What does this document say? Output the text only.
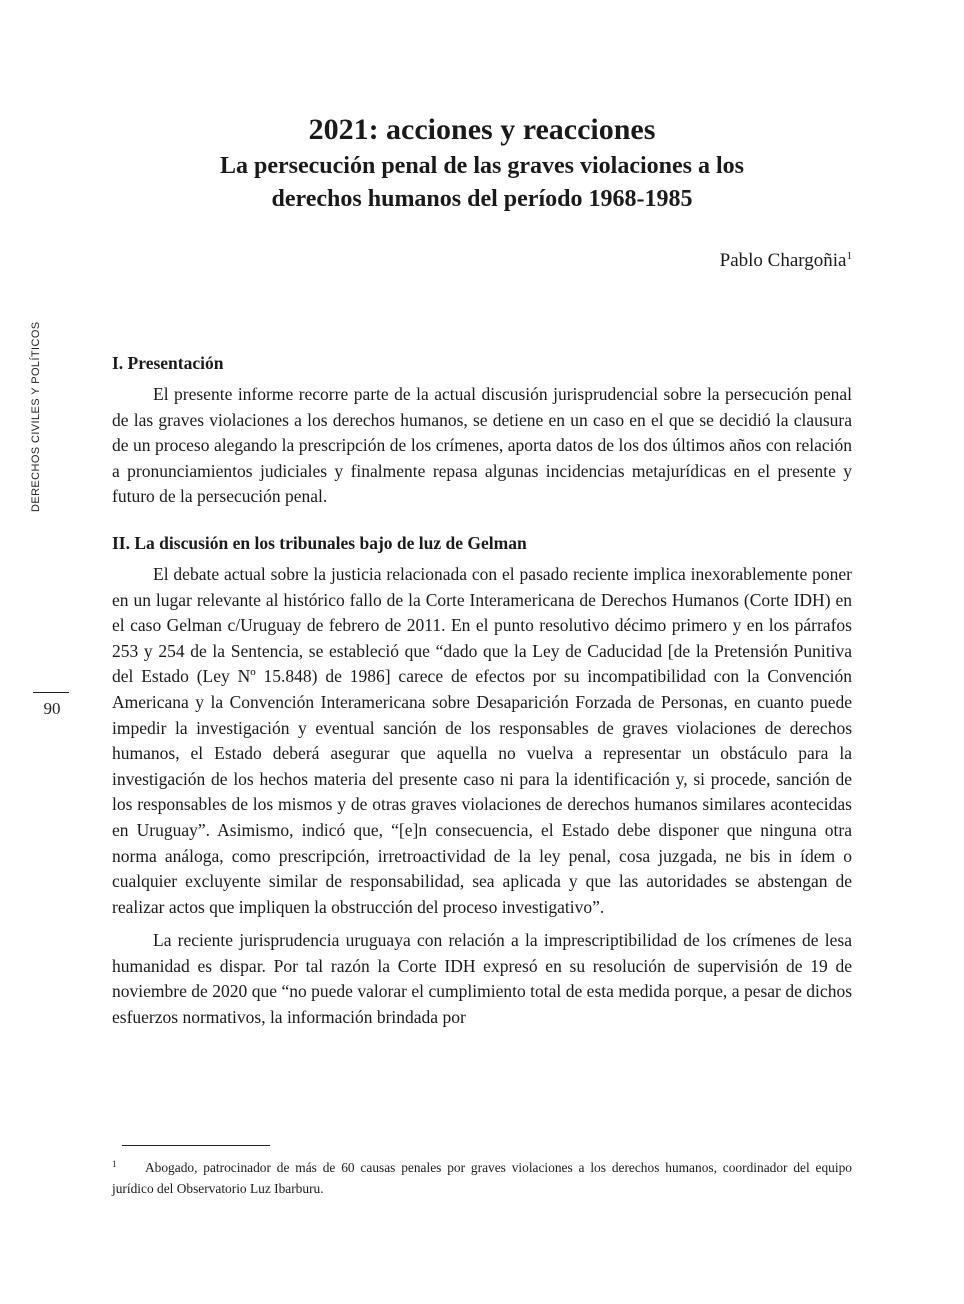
DERECHOS CIVILES Y POLÍTICOS
90
2021: acciones y reacciones
La persecución penal de las graves violaciones a los
derechos humanos del período 1968-1985
Pablo Chargoñia$^1$
I. Presentación

El presente informe recorre parte de la actual discusión jurisprudencial sobre la persecución penal de las graves violaciones a los derechos humanos, se detiene en un caso en el que se decidió la clausura de un proceso alegando la prescripción de los crímenes, aporta datos de los dos últimos años con relación a pronunciamientos judiciales y finalmente repasa algunas incidencias metajurídicas en el presente y futuro de la persecución penal.

II. La discusión en los tribunales bajo de luz de Gelman

El debate actual sobre la justicia relacionada con el pasado reciente implica inexorablemente poner en un lugar relevante al histórico fallo de la Corte Interamericana de Derechos Humanos (Corte IDH) en el caso Gelman c/Uruguay de febrero de 2011. En el punto resolutivo décimo primero y en los párrafos 253 y 254 de la Sentencia, se estableció que “dado que la Ley de Caducidad [de la Pretensión Punitiva del Estado (Ley Nº 15.848) de 1986] carece de efectos por su incompatibilidad con la Convención Americana y la Convención Interamericana sobre Desaparición Forzada de Personas, en cuanto puede impedir la investigación y eventual sanción de los responsables de graves violaciones de derechos humanos, el Estado deberá asegurar que aquella no vuelva a representar un obstáculo para la investigación de los hechos materia del presente caso ni para la identificación y, si procede, sanción de los responsables de los mismos y de otras graves violaciones de derechos humanos similares acontecidas en Uruguay”. Asimismo, indicó que, “[e]n consecuencia, el Estado debe disponer que ninguna otra norma análoga, como prescripción, irretroactividad de la ley penal, cosa juzgada, ne bis in ídem o cualquier excluyente similar de responsabilidad, sea aplicada y que las autoridades se abstengan de realizar actos que impliquen la obstrucción del proceso investigativo”.

La reciente jurisprudencia uruguaya con relación a la imprescriptibilidad de los crímenes de lesa humanidad es dispar. Por tal razón la Corte IDH expresó en su resolución de supervisión de 19 de noviembre de 2020 que “no puede valorar el cumplimiento total de esta medida porque, a pesar de dichos esfuerzos normativos, la información brindada por

1 Abogado, patrocinador de más de 60 causas penales por graves violaciones a los derechos humanos, coordinador del equipo jurídico del Observatorio Luz Ibarburu.
